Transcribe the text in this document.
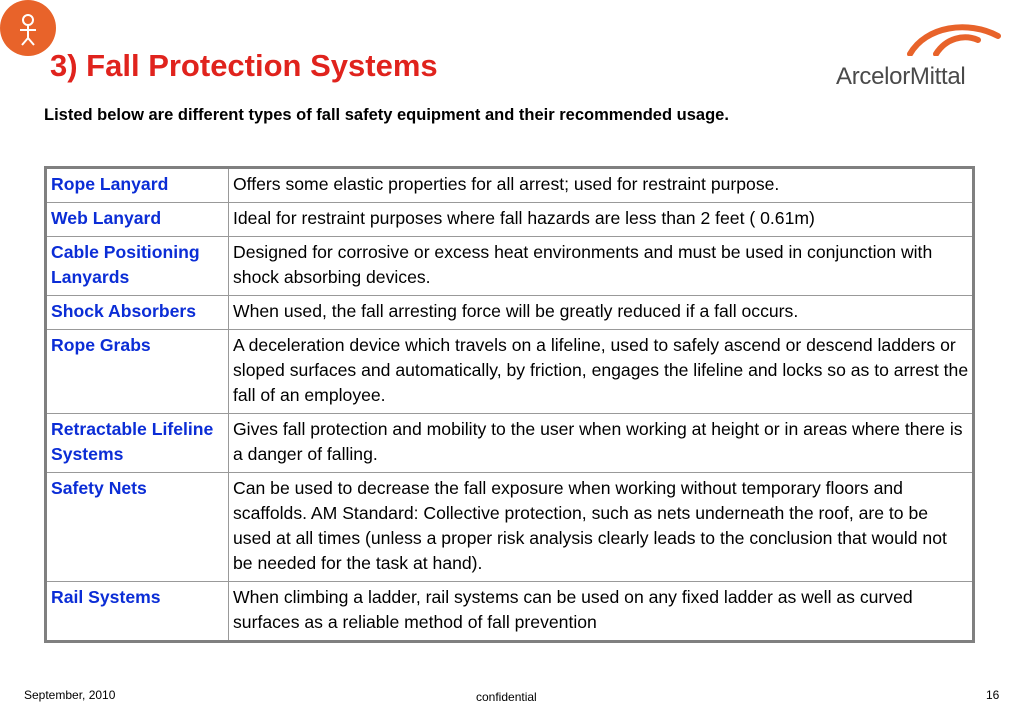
3) Fall Protection Systems	ArcelorMittal

Listed below are different types of fall safety equipment and their recommended usage.

Rope Lanyard	Offers some elastic properties for all arrest; used for restraint purpose.
Web Lanyard	Ideal for restraint purposes where fall hazards are less than 2 feet ( 0.61m)
Cable Positioning Lanyards	Designed for corrosive or excess heat environments and must be used in conjunction with shock absorbing devices.
Shock Absorbers	When used, the fall arresting force will be greatly reduced if a fall occurs.
Rope Grabs	A deceleration device which travels on a lifeline, used to safely ascend or descend ladders or sloped surfaces and automatically, by friction, engages the lifeline and locks so as to arrest the fall of an employee.
Retractable Lifeline Systems	Gives fall protection and mobility to the user when working at height or in areas where there is a danger of falling.
Safety Nets	Can be used to decrease the fall exposure when working without temporary floors and scaffolds. AM Standard: Collective protection, such as nets underneath the roof, are to be used at all times (unless a proper risk analysis clearly leads to the conclusion that would not be needed for the task at hand).
Rail Systems	When climbing a ladder, rail systems can be used on any fixed ladder as well as curved surfaces as a reliable method of fall prevention
September, 2010	confidential	16
